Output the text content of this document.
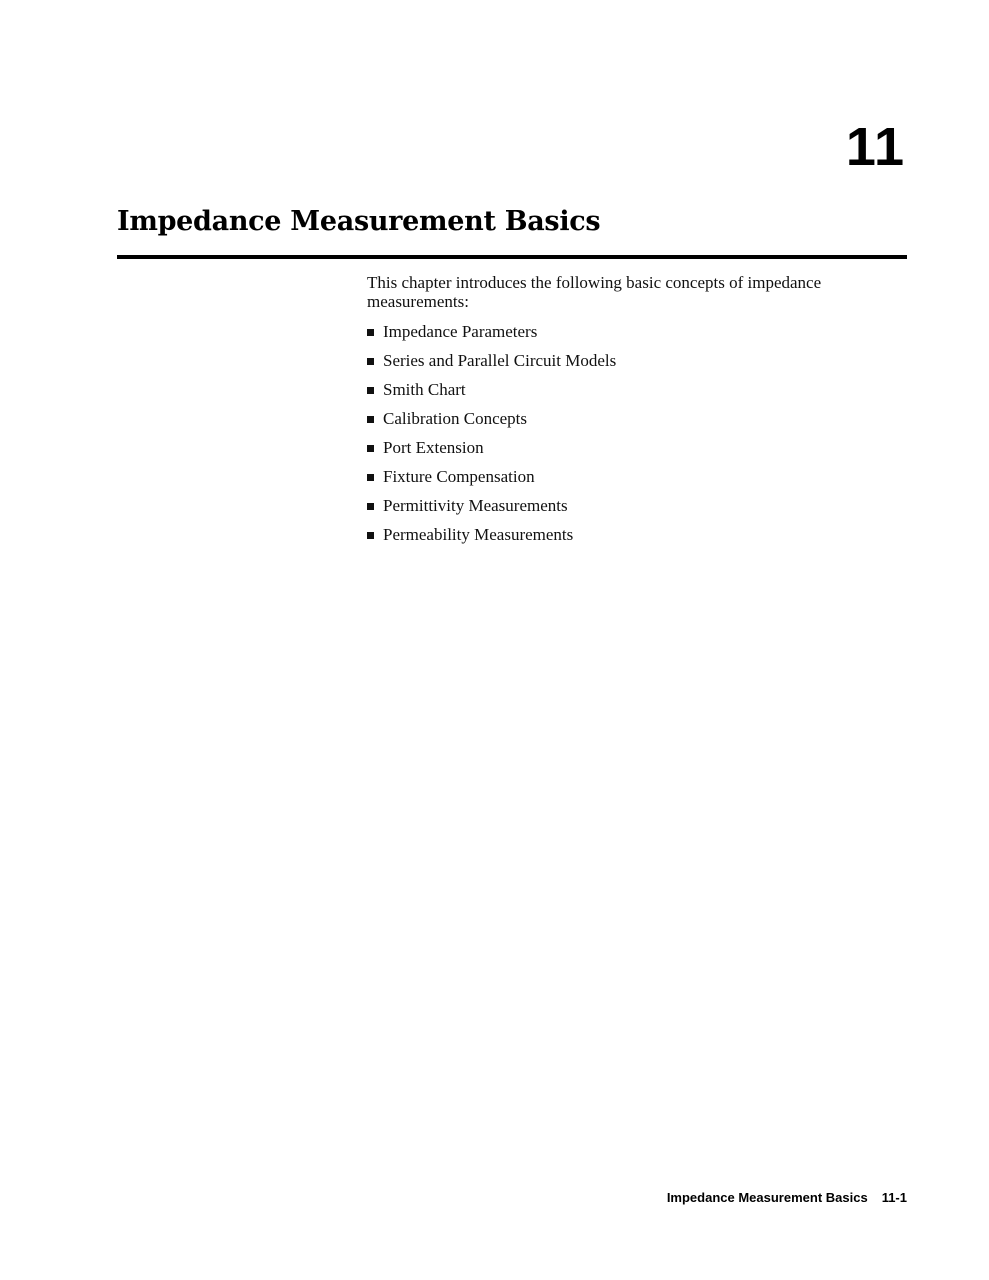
11
Impedance Measurement Basics

This chapter introduces the following basic concepts of impedance measurements:

Impedance Parameters
Series and Parallel Circuit Models
Smith Chart
Calibration Concepts
Port Extension
Fixture Compensation
Permittivity Measurements
Permeability Measurements
Impedance Measurement Basics 11-1
